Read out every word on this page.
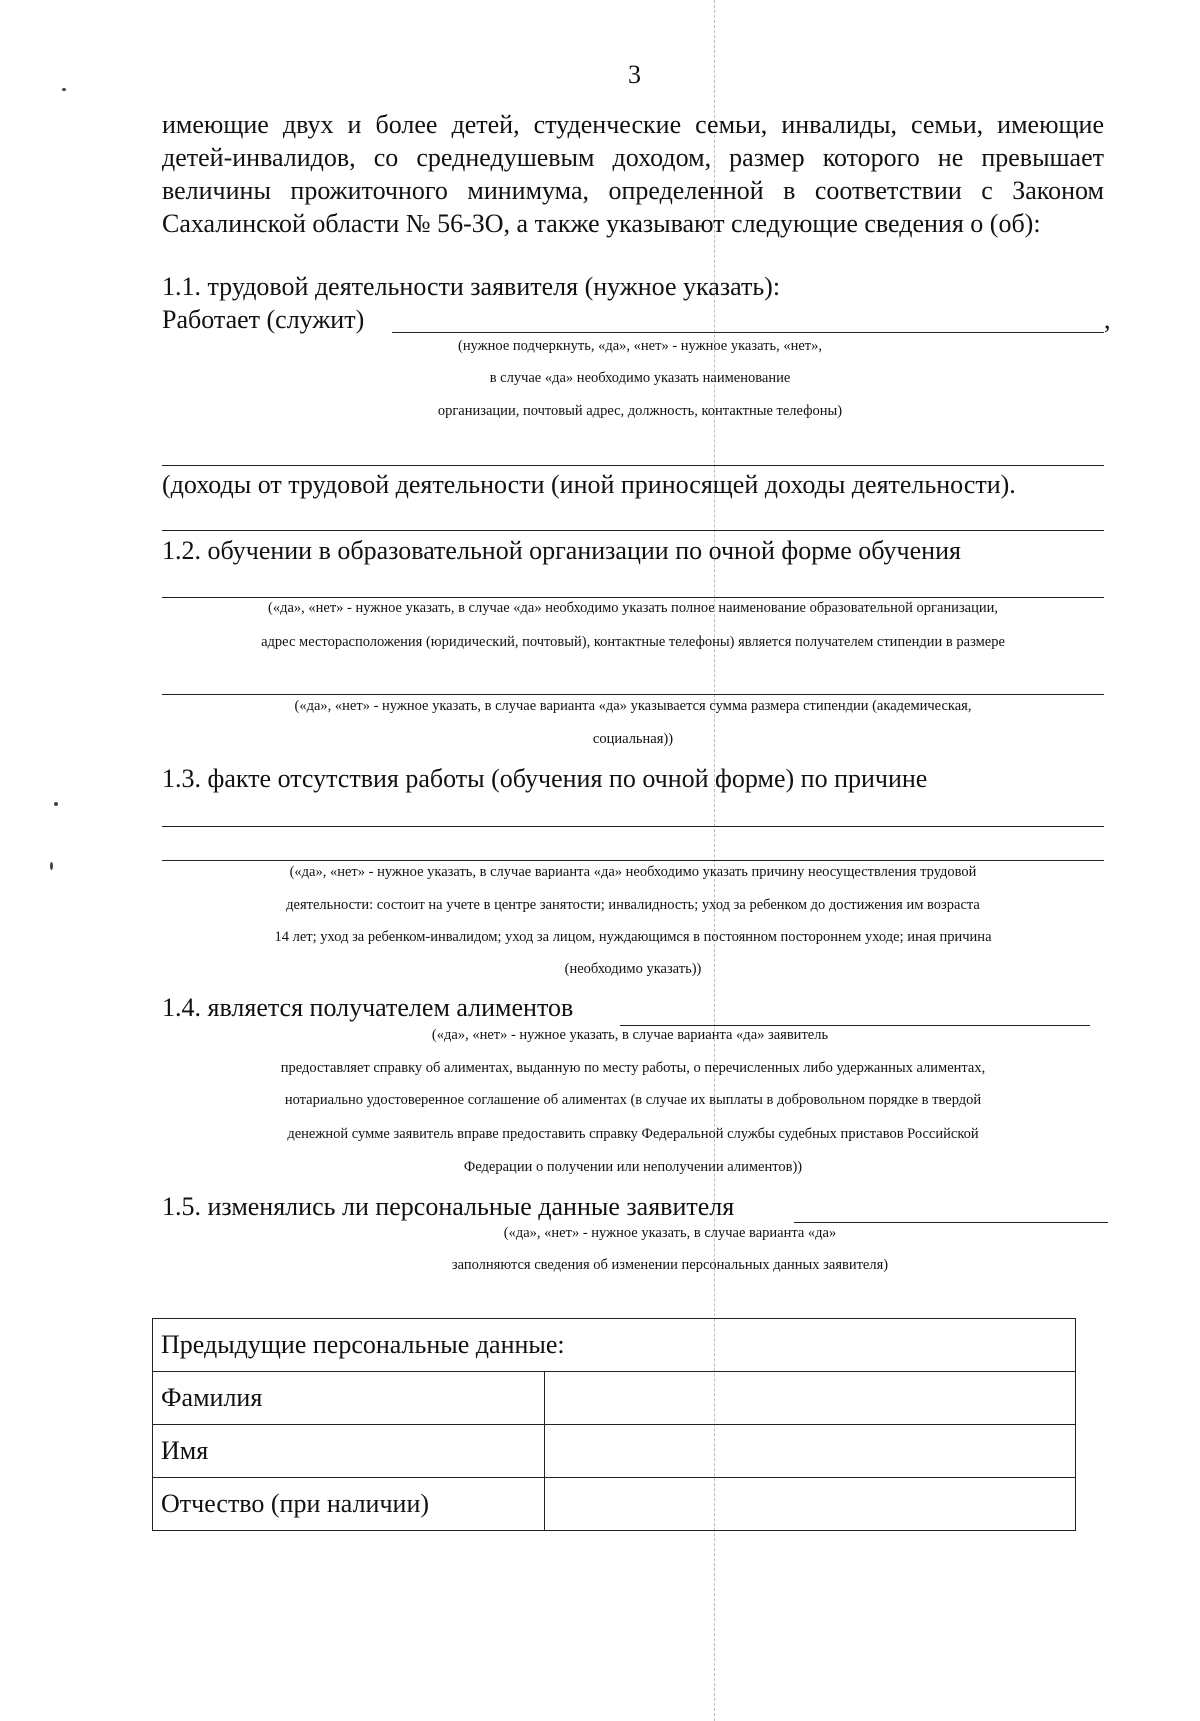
3
имеющие двух и более детей, студенческие семьи, инвалиды, семьи, имеющие детей-инвалидов, со среднедушевым доходом, размер которого не превышает величины прожиточного минимума, определенной в соответствии с Законом Сахалинской области № 56-ЗО, а также указывают следующие сведения о (об):
1.1. трудовой деятельности заявителя (нужное указать):
Работает (служит)	,
(нужное подчеркнуть, «да», «нет» - нужное указать, «нет»,
в случае «да» необходимо указать наименование
организации, почтовый адрес, должность, контактные телефоны)
(доходы от трудовой деятельности (иной приносящей доходы деятельности).
1.2. обучении в образовательной организации по очной форме обучения
(«да», «нет» - нужное указать, в случае «да» необходимо указать полное наименование образовательной организации,
адрес месторасположения (юридический, почтовый), контактные телефоны) является получателем стипендии в размере
(«да», «нет» - нужное указать, в случае варианта «да» указывается сумма размера стипендии (академическая,
социальная))
1.3. факте отсутствия работы (обучения по очной форме) по причине
(«да», «нет» - нужное указать, в случае варианта «да» необходимо указать причину неосуществления трудовой
деятельности: состоит на учете в центре занятости; инвалидность; уход за ребенком до достижения им возраста
14 лет; уход за ребенком-инвалидом; уход за лицом, нуждающимся в постоянном постороннем уходе; иная причина
(необходимо указать))
1.4. является получателем алиментов
(«да», «нет» - нужное указать, в случае варианта «да» заявитель
предоставляет справку об алиментах, выданную по месту работы, о перечисленных либо удержанных алиментах,
нотариально удостоверенное соглашение об алиментах (в случае их выплаты в добровольном порядке в твердой
денежной сумме заявитель вправе предоставить справку Федеральной службы судебных приставов Российской
Федерации о получении или неполучении алиментов))
1.5. изменялись ли персональные данные заявителя
(«да», «нет» - нужное указать, в случае варианта «да»
заполняются сведения об изменении персональных данных заявителя)
Предыдущие персональные данные:	
Фамилия	
Имя	
Отчество (при наличии)	
